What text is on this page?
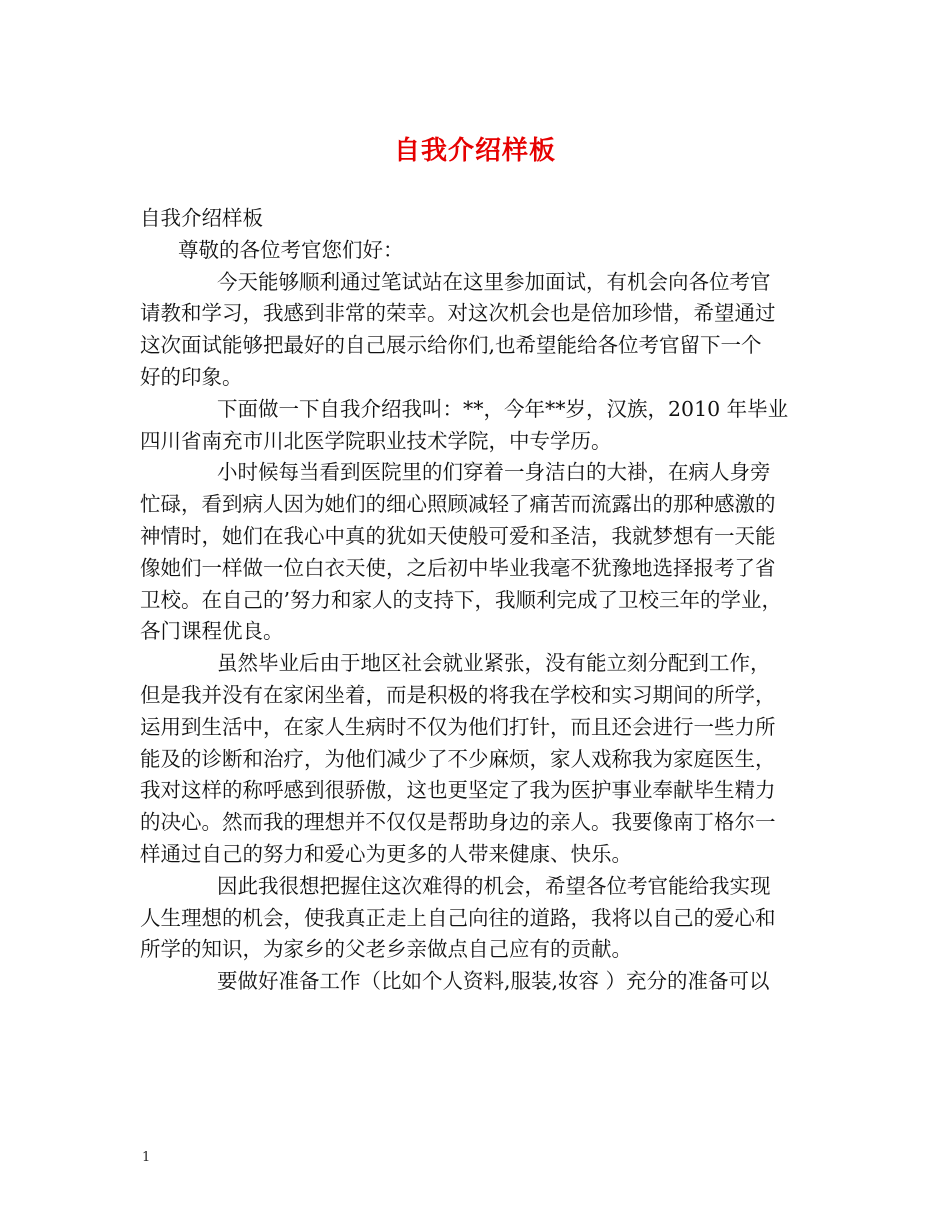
自我介绍样板
自我介绍样板
尊敬的各位考官您们好：
今天能够顺利通过笔试站在这里参加面试，有机会向各位考官
请教和学习，我感到非常的荣幸。对这次机会也是倍加珍惜，希望通过
这次面试能够把最好的自己展示给你们,也希望能给各位考官留下一个
好的印象。
下面做一下自我介绍我叫：**，今年**岁，汉族，2010 年毕业
四川省南充市川北医学院职业技术学院，中专学历。
小时候每当看到医院里的们穿着一身洁白的大褂，在病人身旁
忙碌，看到病人因为她们的细心照顾减轻了痛苦而流露出的那种感激的
神情时，她们在我心中真的犹如天使般可爱和圣洁，我就梦想有一天能
像她们一样做一位白衣天使，之后初中毕业我毫不犹豫地选择报考了省
卫校。在自己的’努力和家人的支持下，我顺利完成了卫校三年的学业，
各门课程优良。
虽然毕业后由于地区社会就业紧张，没有能立刻分配到工作，
但是我并没有在家闲坐着，而是积极的将我在学校和实习期间的所学，
运用到生活中，在家人生病时不仅为他们打针，而且还会进行一些力所
能及的诊断和治疗，为他们减少了不少麻烦，家人戏称我为家庭医生，
我对这样的称呼感到很骄傲，这也更坚定了我为医护事业奉献毕生精力
的决心。然而我的理想并不仅仅是帮助身边的亲人。我要像南丁格尔一
样通过自己的努力和爱心为更多的人带来健康、快乐。
因此我很想把握住这次难得的机会，希望各位考官能给我实现
人生理想的机会，使我真正走上自己向往的道路，我将以自己的爱心和
所学的知识，为家乡的父老乡亲做点自己应有的贡献。
要做好准备工作（比如个人资料,服装,妆容 ）充分的准备可以
1
